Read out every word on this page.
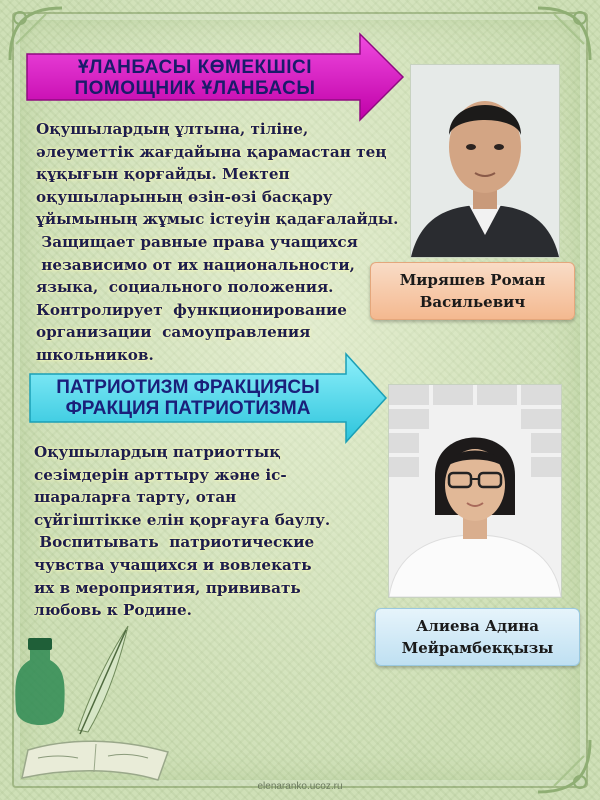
ҰЛАНБАСЫ КӨМЕКШІСІ
ПОМОЩНИК ҰЛАНБАСЫ
Оқушылардың ұлтына, тіліне,
әлеуметтік жағдайына қарамастан тең
құқығын қорғайды. Мектеп
оқушыларының өзін-өзі басқару
ұйымының жұмыс істеуін қадағалайды.
Защищает равные права учащихся
независимо от их национальности,
языка,  социального положения.
Контролирует  функционирование
организации  самоуправления
школьников.
Миряшев Роман
Васильевич
ПАТРИОТИЗМ ФРАКЦИЯСЫ
ФРАКЦИЯ ПАТРИОТИЗМА
Оқушылардың патриоттық
сезімдерін арттыру және іс-
шараларға тарту, отан
сүйгіштікке елін қорғауға баулу.
Воспитывать  патриотические
чувства учащихся и вовлекать
их в мероприятия, прививать
любовь к Родине.
Алиева Адина
Мейрамбекқызы
elenaranko.ucoz.ru
